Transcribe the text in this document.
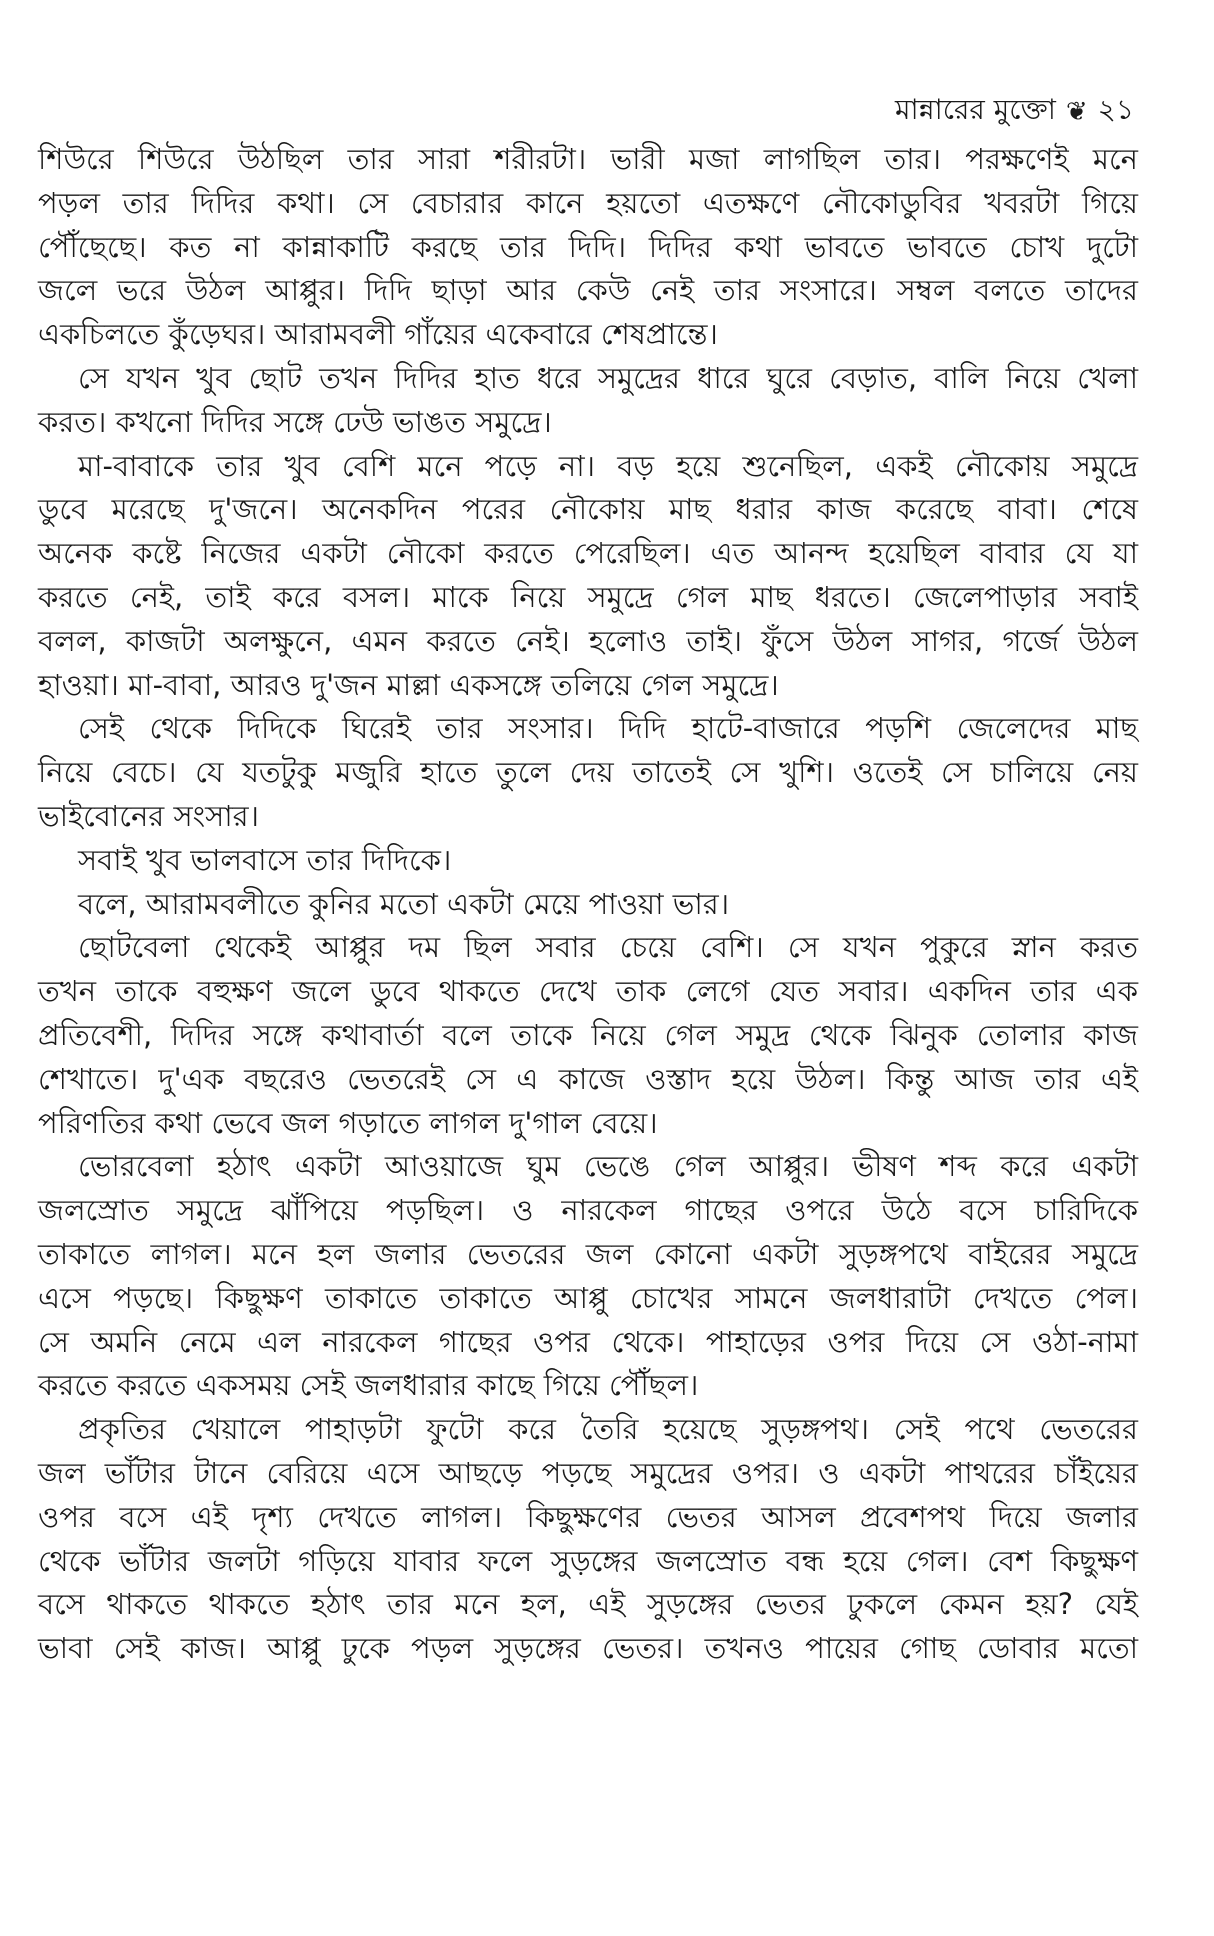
মান্নারের মুক্তো ❦ ২১
শিউরে শিউরে উঠছিল তার সারা শরীরটা। ভারী মজা লাগছিল তার। পরক্ষণেই মনে
পড়ল তার দিদির কথা। সে বেচারার কানে হয়তো এতক্ষণে নৌকোডুবির খবরটা গিয়ে
পৌঁছেছে। কত না কান্নাকাটি করছে তার দিদি। দিদির কথা ভাবতে ভাবতে চোখ দুটো
জলে ভরে উঠল আপ্পুর। দিদি ছাড়া আর কেউ নেই তার সংসারে। সম্বল বলতে তাদের
একচিলতে কুঁড়েঘর। আরামবলী গাঁয়ের একেবারে শেষপ্রান্তে।
সে যখন খুব ছোট তখন দিদির হাত ধরে সমুদ্রের ধারে ঘুরে বেড়াত, বালি নিয়ে খেলা
করত। কখনো দিদির সঙ্গে ঢেউ ভাঙত সমুদ্রে।
মা-বাবাকে তার খুব বেশি মনে পড়ে না। বড় হয়ে শুনেছিল, একই নৌকোয় সমুদ্রে
ডুবে মরেছে দু'জনে। অনেকদিন পরের নৌকোয় মাছ ধরার কাজ করেছে বাবা। শেষে
অনেক কষ্টে নিজের একটা নৌকো করতে পেরেছিল। এত আনন্দ হয়েছিল বাবার যে যা
করতে নেই, তাই করে বসল। মাকে নিয়ে সমুদ্রে গেল মাছ ধরতে। জেলেপাড়ার সবাই
বলল, কাজটা অলক্ষুনে, এমন করতে নেই। হলোও তাই। ফুঁসে উঠল সাগর, গর্জে উঠল
হাওয়া। মা-বাবা, আরও দু'জন মাল্লা একসঙ্গে তলিয়ে গেল সমুদ্রে।
সেই থেকে দিদিকে ঘিরেই তার সংসার। দিদি হাটে-বাজারে পড়শি জেলেদের মাছ
নিয়ে বেচে। যে যতটুকু মজুরি হাতে তুলে দেয় তাতেই সে খুশি। ওতেই সে চালিয়ে নেয়
ভাইবোনের সংসার।
সবাই খুব ভালবাসে তার দিদিকে।
বলে, আরামবলীতে কুনির মতো একটা মেয়ে পাওয়া ভার।
ছোটবেলা থেকেই আপ্পুর দম ছিল সবার চেয়ে বেশি। সে যখন পুকুরে স্নান করত
তখন তাকে বহুক্ষণ জলে ডুবে থাকতে দেখে তাক লেগে যেত সবার। একদিন তার এক
প্রতিবেশী, দিদির সঙ্গে কথাবার্তা বলে তাকে নিয়ে গেল সমুদ্র থেকে ঝিনুক তোলার কাজ
শেখাতে। দু'এক বছরেও ভেতরেই সে এ কাজে ওস্তাদ হয়ে উঠল। কিন্তু আজ তার এই
পরিণতির কথা ভেবে জল গড়াতে লাগল দু'গাল বেয়ে।
ভোরবেলা হঠাৎ একটা আওয়াজে ঘুম ভেঙে গেল আপ্পুর। ভীষণ শব্দ করে একটা
জলস্রোত সমুদ্রে ঝাঁপিয়ে পড়ছিল। ও নারকেল গাছের ওপরে উঠে বসে চারিদিকে
তাকাতে লাগল। মনে হল জলার ভেতরের জল কোনো একটা সুড়ঙ্গপথে বাইরের সমুদ্রে
এসে পড়ছে। কিছুক্ষণ তাকাতে তাকাতে আপ্পু চোখের সামনে জলধারাটা দেখতে পেল।
সে অমনি নেমে এল নারকেল গাছের ওপর থেকে। পাহাড়ের ওপর দিয়ে সে ওঠা-নামা
করতে করতে একসময় সেই জলধারার কাছে গিয়ে পৌঁছল।
প্রকৃতির খেয়ালে পাহাড়টা ফুটো করে তৈরি হয়েছে সুড়ঙ্গপথ। সেই পথে ভেতরের
জল ভাঁটার টানে বেরিয়ে এসে আছড়ে পড়ছে সমুদ্রের ওপর। ও একটা পাথরের চাঁইয়ের
ওপর বসে এই দৃশ্য দেখতে লাগল। কিছুক্ষণের ভেতর আসল প্রবেশপথ দিয়ে জলার
থেকে ভাঁটার জলটা গড়িয়ে যাবার ফলে সুড়ঙ্গের জলস্রোত বন্ধ হয়ে গেল। বেশ কিছুক্ষণ
বসে থাকতে থাকতে হঠাৎ তার মনে হল, এই সুড়ঙ্গের ভেতর ঢুকলে কেমন হয়? যেই
ভাবা সেই কাজ। আপ্পু ঢুকে পড়ল সুড়ঙ্গের ভেতর। তখনও পায়ের গোছ ডোবার মতো
